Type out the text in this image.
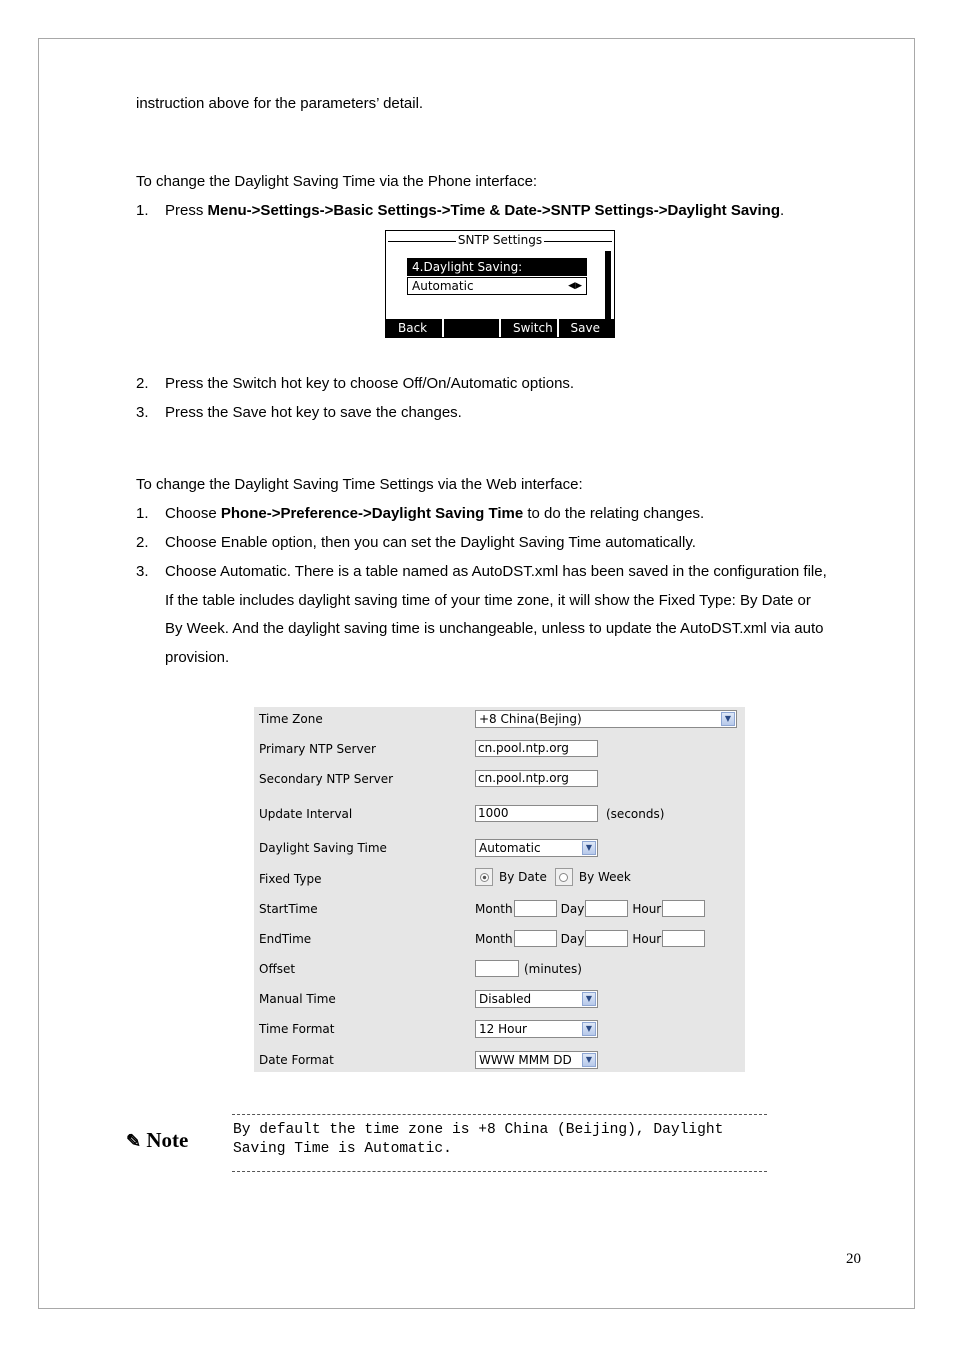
instruction above for the parameters’ detail.
To change the Daylight Saving Time via the Phone interface:
1. Press Menu->Settings->Basic Settings->Time & Date->SNTP Settings->Daylight Saving.
SNTP Settings
4.Daylight Saving:
Automatic	◀▶
Back	Switch	Save
2. Press the Switch hot key to choose Off/On/Automatic options.
3. Press the Save hot key to save the changes.
To change the Daylight Saving Time Settings via the Web interface:
1. Choose Phone->Preference->Daylight Saving Time to do the relating changes.
2. Choose Enable option, then you can set the Daylight Saving Time automatically.
3. Choose Automatic. There is a table named as AutoDST.xml has been saved in the configuration file,
If the table includes daylight saving time of your time zone, it will show the Fixed Type: By Date or
By Week. And the daylight saving time is unchangeable, unless to update the AutoDST.xml via auto
provision.
Time Zone	+8 China(Bejing)	▼
Primary NTP Server	cn.pool.ntp.org
Secondary NTP Server	cn.pool.ntp.org
Update Interval	1000	(seconds)
Daylight Saving Time	Automatic	▼
Fixed Type	By Date	By Week
StartTime	Month	Day	Hour
EndTime	Month	Day	Hour
Offset	(minutes)
Manual Time	Disabled	▼
Time Format	12 Hour	▼
Date Format	WWW MMM DD	▼
✎ Note	By default the time zone is +8 China (Beijing), Daylight
Saving Time is Automatic.
20
